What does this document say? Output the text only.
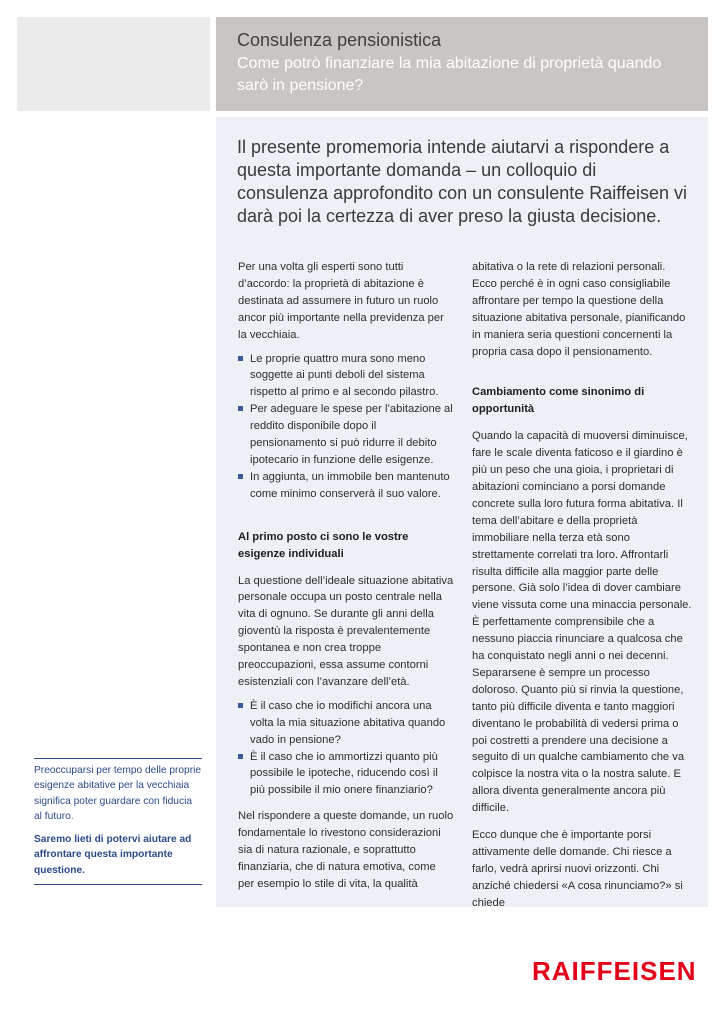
Consulenza pensionistica
Come potrò finanziare la mia abitazione di proprietà quando sarò in pensione?
Il presente promemoria intende aiutarvi a rispondere a questa importante domanda – un colloquio di consulenza approfondito con un consulente Raiffeisen vi darà poi la certezza di aver preso la giusta decisione.

Per una volta gli esperti sono tutti d’accordo: la proprietà di abitazione è destinata ad assumere in futuro un ruolo ancor più importante nella previdenza per la vecchiaia.

Le proprie quattro mura sono meno soggette ai punti deboli del sistema rispetto al primo e al secondo pilastro.
Per adeguare le spese per l’abitazione al reddito disponibile dopo il pensionamento si può ridurre il debito ipotecario in funzione delle esigenze.
In aggiunta, un immobile ben mantenuto come minimo conserverà il suo valore.
Al primo posto ci sono le vostre esigenze individuali

La questione dell’ideale situazione abitativa personale occupa un posto centrale nella vita di ognuno. Se durante gli anni della gioventù la risposta è prevalentemente spontanea e non crea troppe preoccupazioni, essa assume contorni esistenziali con l’avanzare dell’età.

È il caso che io modifichi ancora una volta la mia situazione abitativa quando vado in pensione?
È il caso che io ammortizzi quanto più possibile le ipoteche, riducendo così il più possibile il mio onere finanziario?

Nel rispondere a queste domande, un ruolo fondamentale lo rivestono considerazioni sia di natura razionale, e soprattutto finanziaria, che di natura emotiva, come per esempio lo stile di vita, la qualità

abitativa o la rete di relazioni personali. Ecco perché è in ogni caso consigliabile affrontare per tempo la questione della situazione abitativa personale, pianificando in maniera seria questioni concernenti la propria casa dopo il pensionamento.

Cambiamento come sinonimo di opportunità

Quando la capacità di muoversi diminuisce, fare le scale diventa faticoso e il giardino è più un peso che una gioia, i proprietari di abitazioni cominciano a porsi domande concrete sulla loro futura forma abitativa. Il tema dell’abitare e della proprietà immobiliare nella terza età sono strettamente correlati tra loro. Affrontarli risulta difficile alla maggior parte delle persone. Già solo l’idea di dover cambiare viene vissuta come una minaccia personale. È perfettamente comprensibile che a nessuno piaccia rinunciare a qualcosa che ha conquistato negli anni o nei decenni. Separarsene è sempre un processo doloroso. Quanto più si rinvia la questione, tanto più difficile diventa e tanto maggiori diventano le probabilità di vedersi prima o poi costretti a prendere una decisione a seguito di un qualche cambiamento che va colpisce la nostra vita o la nostra salute. E allora diventa generalmente ancora più difficile.

Ecco dunque che è importante porsi attivamente delle domande. Chi riesce a farlo, vedrà aprirsi nuovi orizzonti. Chi anziché chiedersi «A cosa rinunciamo?» si chiede

Preoccuparsi per tempo delle proprie esigenze abitative per la vecchiaia significa poter guardare con fiducia al futuro.

Saremo lieti di potervi aiutare ad affrontare questa importante questione.

RAIFFEISEN
